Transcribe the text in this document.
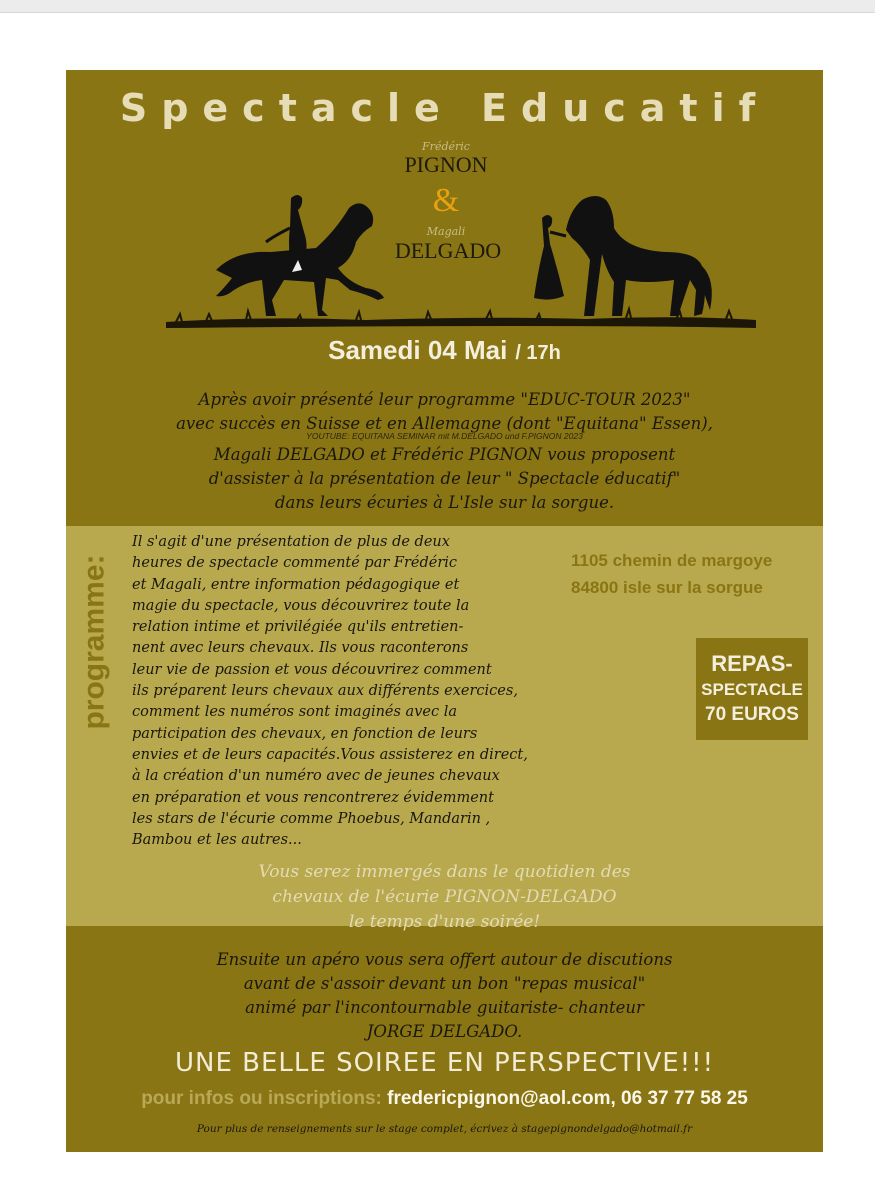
Spectacle Educatif
Frédéric
PIGNON
&
Magali
DELGADO
Samedi 04 Mai / 17h
Après avoir présenté leur programme "EDUC-TOUR 2023"
avec succès en Suisse et en Allemagne (dont "Equitana" Essen),
YOUTUBE: EQUITANA SEMINAR mit M.DELGADO und F.PIGNON 2023
Magali DELGADO et Frédéric PIGNON vous proposent
d'assister à la présentation de leur " Spectacle éducatif"
dans leurs écuries à L'Isle sur la sorgue.
programme:
Il s'agit d'une présentation de plus de deux
heures de spectacle commenté par Frédéric
et Magali, entre information pédagogique et
magie du spectacle, vous découvrirez toute la
relation intime et privilégiée qu'ils entretien-
nent avec leurs chevaux. Ils vous raconterons
leur vie de passion et vous découvrirez comment
ils préparent leurs chevaux aux différents exercices,
comment les numéros sont imaginés avec la
participation des chevaux, en fonction de leurs
envies et de leurs capacités.Vous assisterez en direct,
à la création d'un numéro avec de jeunes chevaux
en préparation et vous rencontrerez évidemment
les stars de l'écurie comme Phoebus, Mandarin ,
Bambou et les autres...
1105 chemin de margoye
84800 isle sur la sorgue
REPAS-
SPECTACLE
70 EUROS
Vous serez immergés dans le quotidien des
chevaux de l'écurie PIGNON-DELGADO
le temps d'une soirée!
Ensuite un apéro vous sera offert autour de discutions
avant de s'assoir devant un bon "repas musical"
animé par l'incontournable guitariste- chanteur
JORGE DELGADO.
UNE BELLE SOIREE EN PERSPECTIVE!!!
pour infos ou inscriptions: fredericpignon@aol.com, 06 37 77 58 25
Pour plus de renseignements sur le stage complet, écrivez à stagepignondelgado@hotmail.fr
